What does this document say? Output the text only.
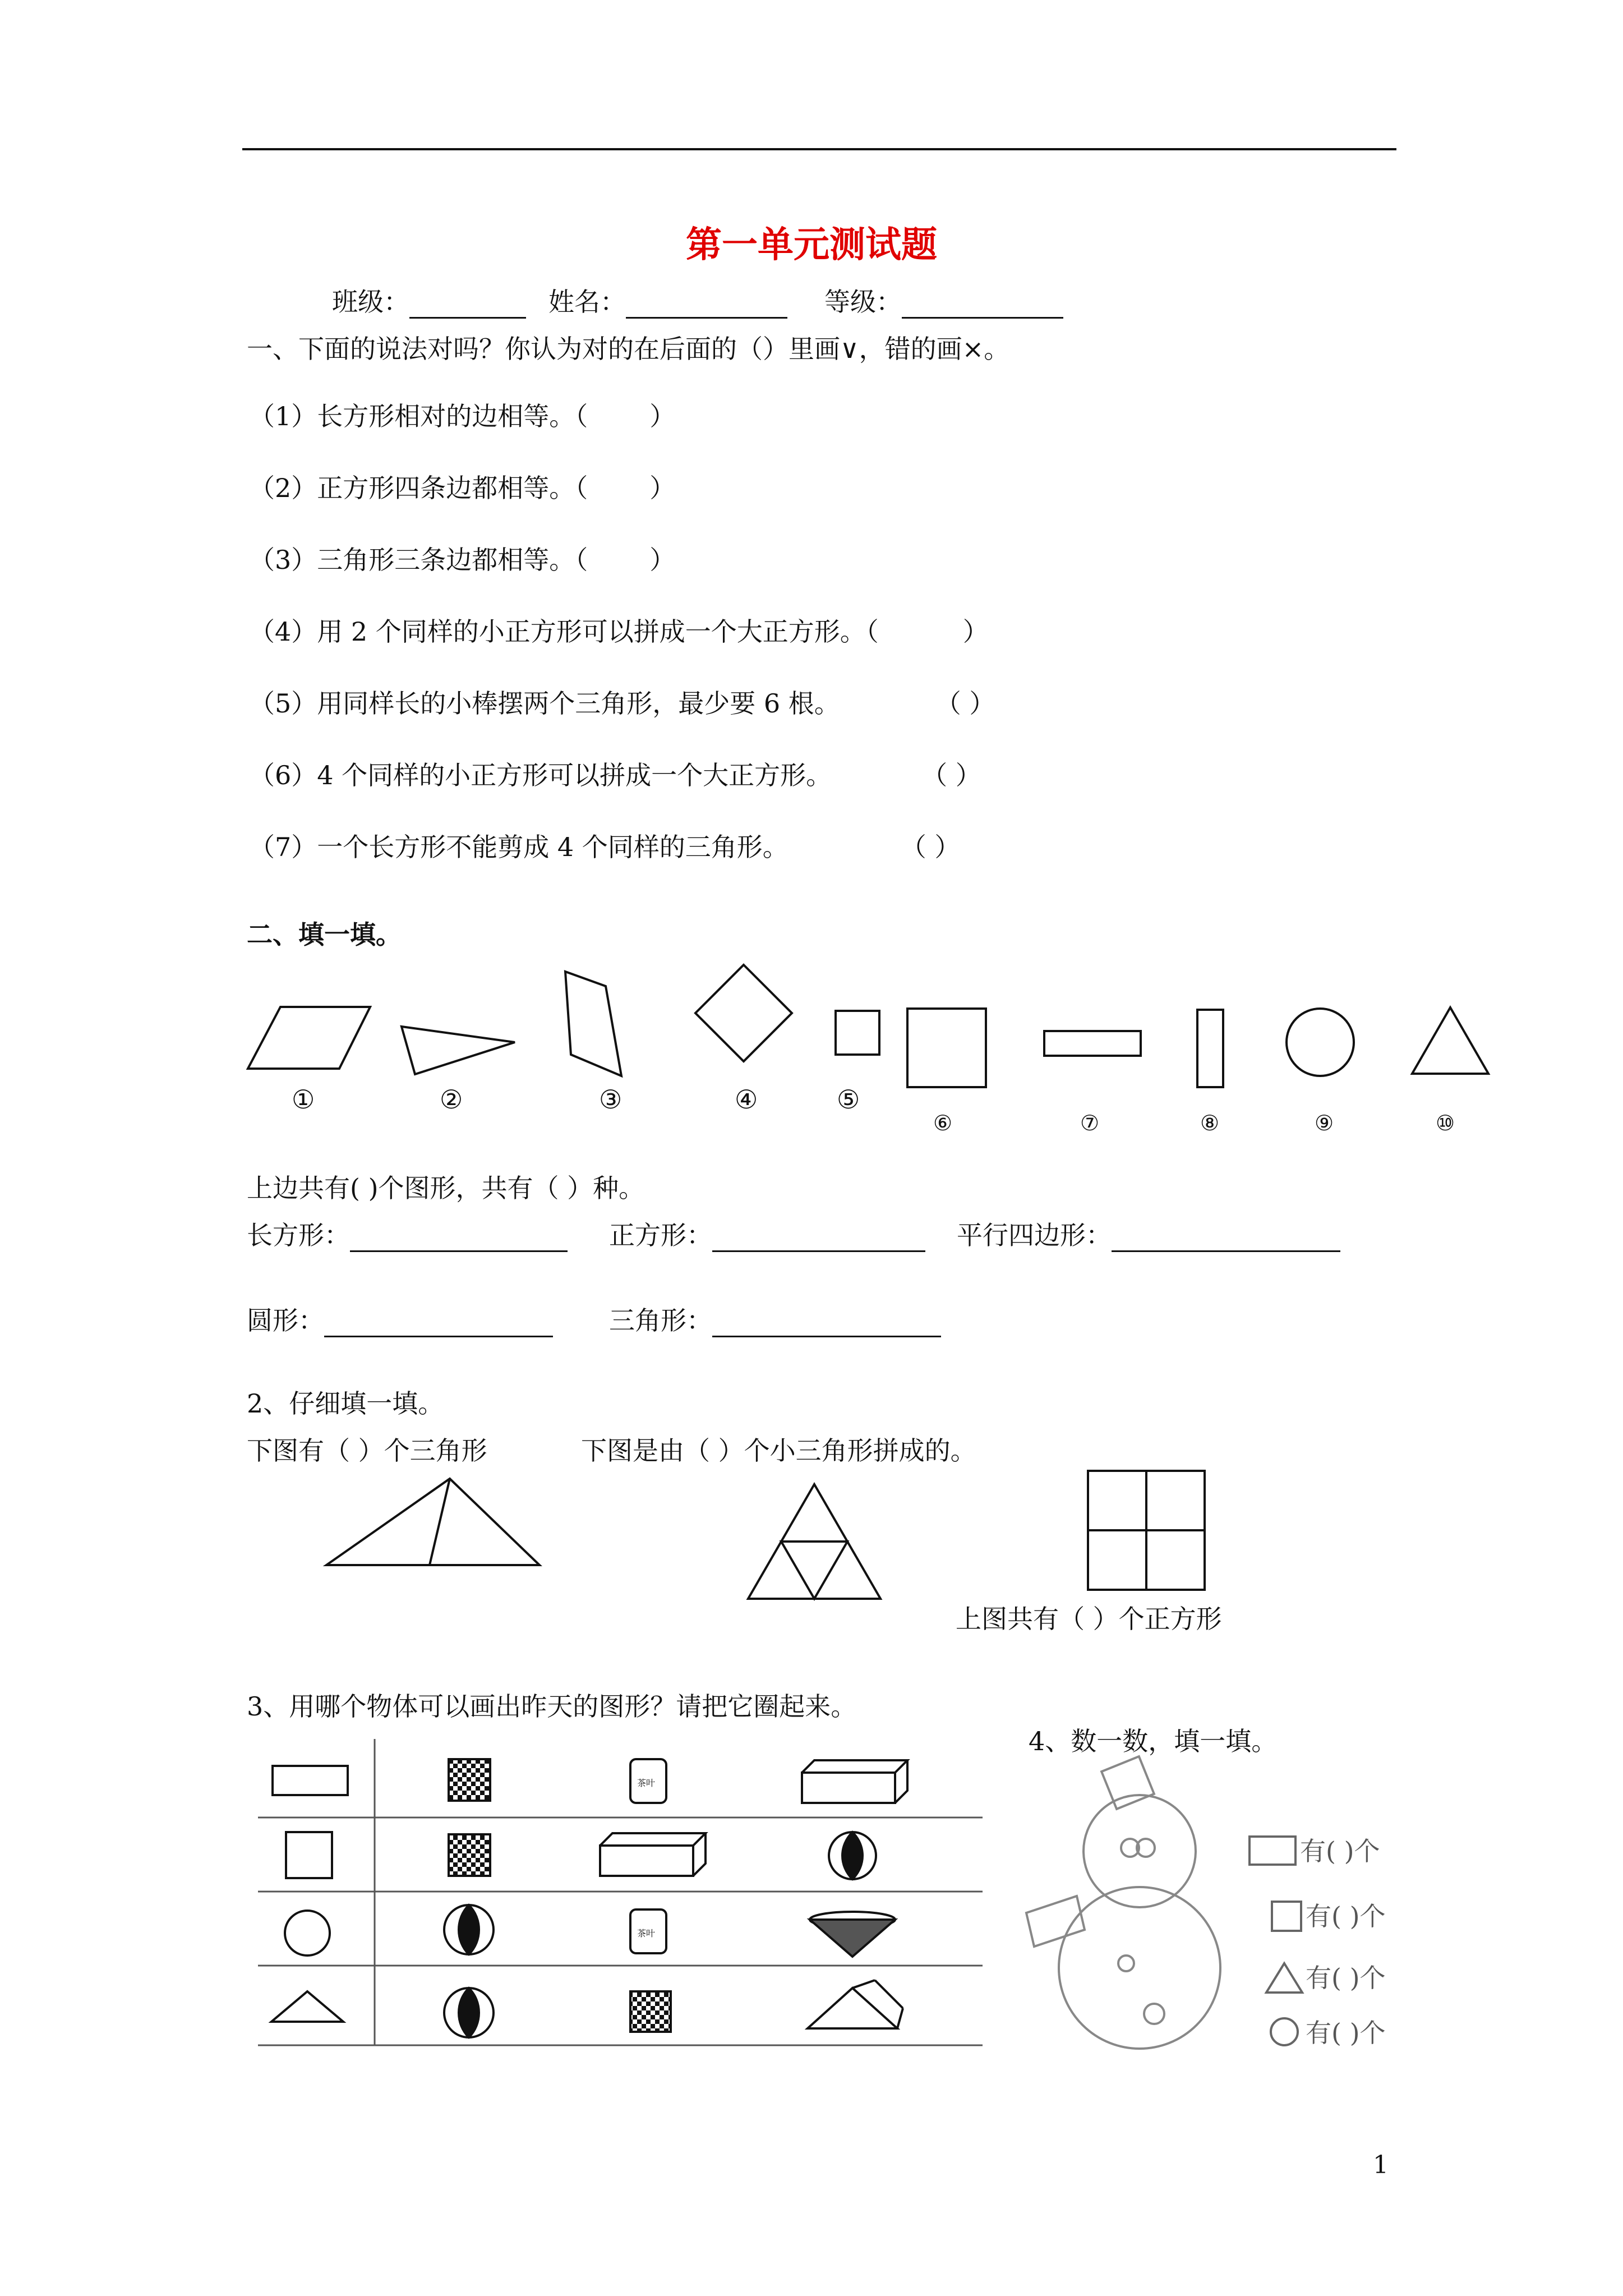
第一单元测试题
班级：	姓名：	等级：
一、下面的说法对吗？你认为对的在后面的（）里画∨，错的画×。
（1）长方形相对的边相等。（ ）
（2）正方形四条边都相等。（ ）
（3）三角形三条边都相等。（ ）
（4）用 2 个同样的小正方形可以拼成一个大正方形。（	）
（5）用同样长的小棒摆两个三角形，最少要 6 根。	（ ）
（6）4 个同样的小正方形可以拼成一个大正方形。	（ ）
（7）一个长方形不能剪成 4 个同样的三角形。	（ ）
二、填一填。
①	②	③	④	⑤
⑥	⑦	⑧	⑨	⑩
上边共有( )个图形，共有（ ）种。
长方形：	正方形：	平行四边形：
圆形：	三角形：
2、仔细填一填。
下图有（ ）个三角形	下图是由（ ）个小三角形拼成的。
上图共有（ ）个正方形
3、用哪个物体可以画出昨天的图形？请把它圈起来。
茶叶
茶叶
4、数一数，填一填。
有( )个
有( )个
有( )个
有( )个
1
